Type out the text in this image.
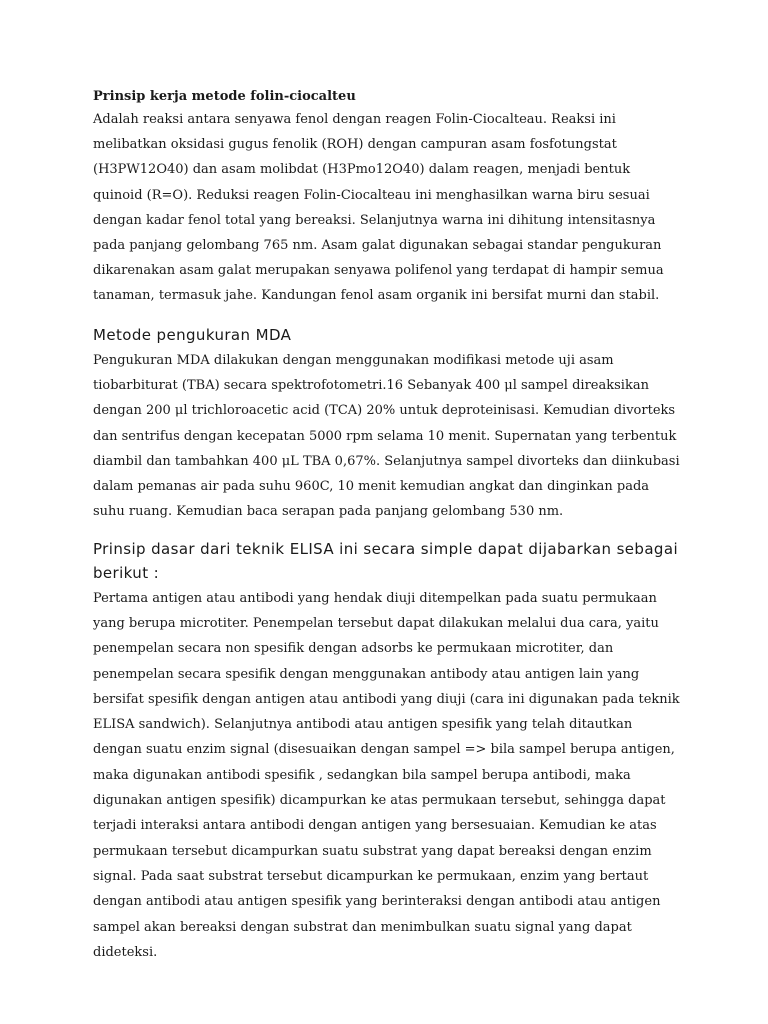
Prinsip kerja metode folin-ciocalteu

Adalah reaksi antara senyawa fenol dengan reagen Folin-Ciocalteau. Reaksi ini melibatkan oksidasi gugus fenolik (ROH) dengan campuran asam fosfotungstat (H3PW12O40) dan asam molibdat (H3Pmo12O40) dalam reagen, menjadi bentuk quinoid (R=O). Reduksi reagen Folin-Ciocalteau ini menghasilkan warna biru sesuai dengan kadar fenol total yang bereaksi. Selanjutnya warna ini dihitung intensitasnya pada panjang gelombang 765 nm. Asam galat digunakan sebagai standar pengukuran dikarenakan asam galat merupakan senyawa polifenol yang terdapat di hampir semua tanaman, termasuk jahe. Kandungan fenol asam organik ini bersifat murni dan stabil.

Metode pengukuran MDA

Pengukuran MDA dilakukan dengan menggunakan modifikasi metode uji asam tiobarbiturat (TBA) secara spektrofotometri.16 Sebanyak 400 μl sampel direaksikan dengan 200 μl trichloroacetic acid (TCA) 20% untuk deproteinisasi. Kemudian divorteks dan sentrifus dengan kecepatan 5000 rpm selama 10 menit. Supernatan yang terbentuk diambil dan tambahkan 400 μL TBA 0,67%. Selanjutnya sampel divorteks dan diinkubasi dalam pemanas air pada suhu 960C, 10 menit kemudian angkat dan dinginkan pada suhu ruang. Kemudian baca serapan pada panjang gelombang 530 nm.

Prinsip dasar dari teknik ELISA ini secara simple dapat dijabarkan sebagai berikut :

Pertama antigen atau antibodi yang hendak diuji ditempelkan pada suatu permukaan yang berupa microtiter. Penempelan tersebut dapat dilakukan melalui dua cara, yaitu penempelan secara non spesifik dengan adsorbs ke permukaan microtiter, dan penempelan secara spesifik dengan menggunakan antibody atau antigen lain yang bersifat spesifik dengan antigen atau antibodi yang diuji (cara ini digunakan pada teknik ELISA sandwich). Selanjutnya antibodi atau antigen spesifik yang telah ditautkan dengan suatu enzim signal (disesuaikan dengan sampel => bila sampel berupa antigen, maka digunakan antibodi spesifik , sedangkan bila sampel berupa antibodi, maka digunakan antigen spesifik) dicampurkan ke atas permukaan tersebut, sehingga dapat terjadi interaksi antara antibodi dengan antigen yang bersesuaian. Kemudian ke atas permukaan tersebut dicampurkan suatu substrat yang dapat bereaksi dengan enzim signal. Pada saat substrat tersebut dicampurkan ke permukaan, enzim yang bertaut dengan antibodi atau antigen spesifik yang berinteraksi dengan antibodi atau antigen sampel akan bereaksi dengan substrat dan menimbulkan suatu signal yang dapat dideteksi.
